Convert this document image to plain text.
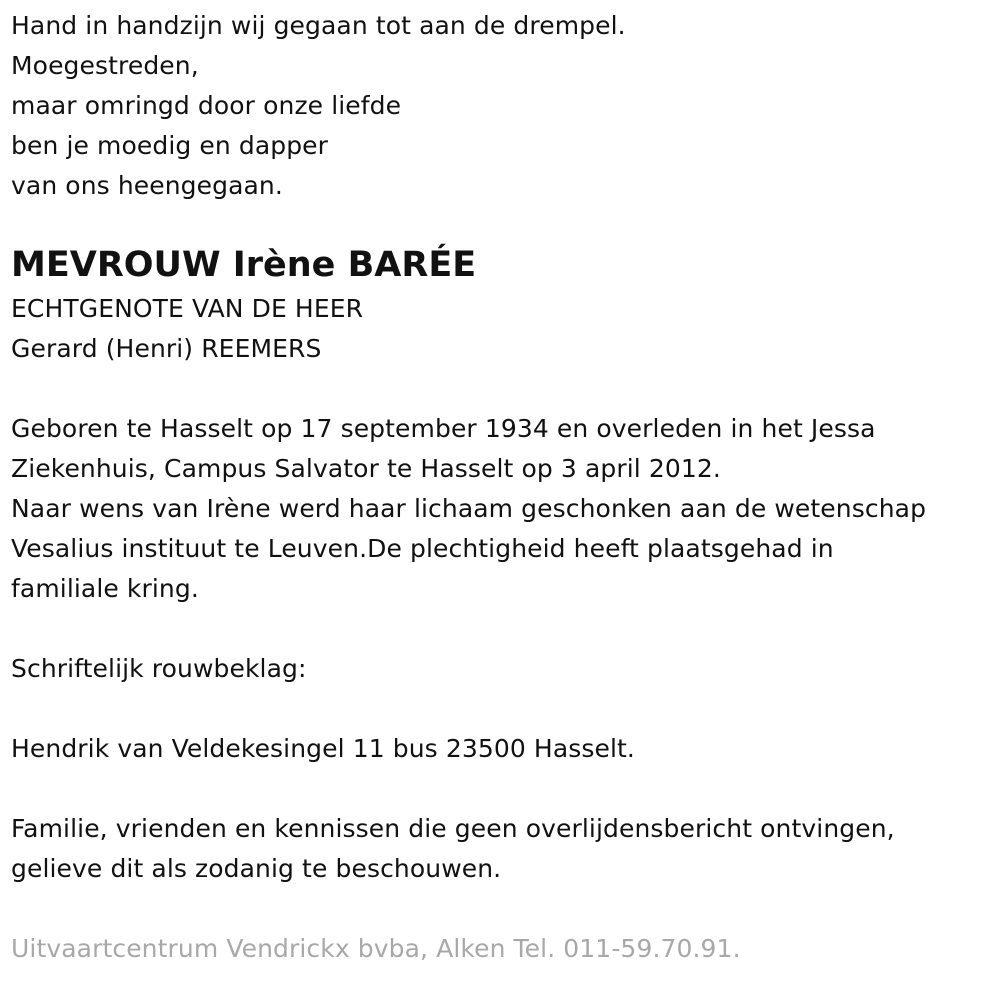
Hand in handzijn wij gegaan tot aan de drempel.
Moegestreden,
maar omringd door onze liefde
ben je moedig en dapper
van ons heengegaan.
MEVROUW Irène BARÉE
ECHTGENOTE VAN DE HEER
Gerard (Henri) REEMERS
Geboren te Hasselt op 17 september 1934 en overleden in het Jessa
Ziekenhuis, Campus Salvator te Hasselt op 3 april 2012.
Naar wens van Irène werd haar lichaam geschonken aan de wetenschap
Vesalius instituut te Leuven.De plechtigheid heeft plaatsgehad in
familiale kring.
Schriftelijk rouwbeklag:
Hendrik van Veldekesingel 11 bus 23500 Hasselt.
Familie, vrienden en kennissen die geen overlijdensbericht ontvingen,
gelieve dit als zodanig te beschouwen.
Uitvaartcentrum Vendrickx bvba, Alken Tel. 011-59.70.91.
